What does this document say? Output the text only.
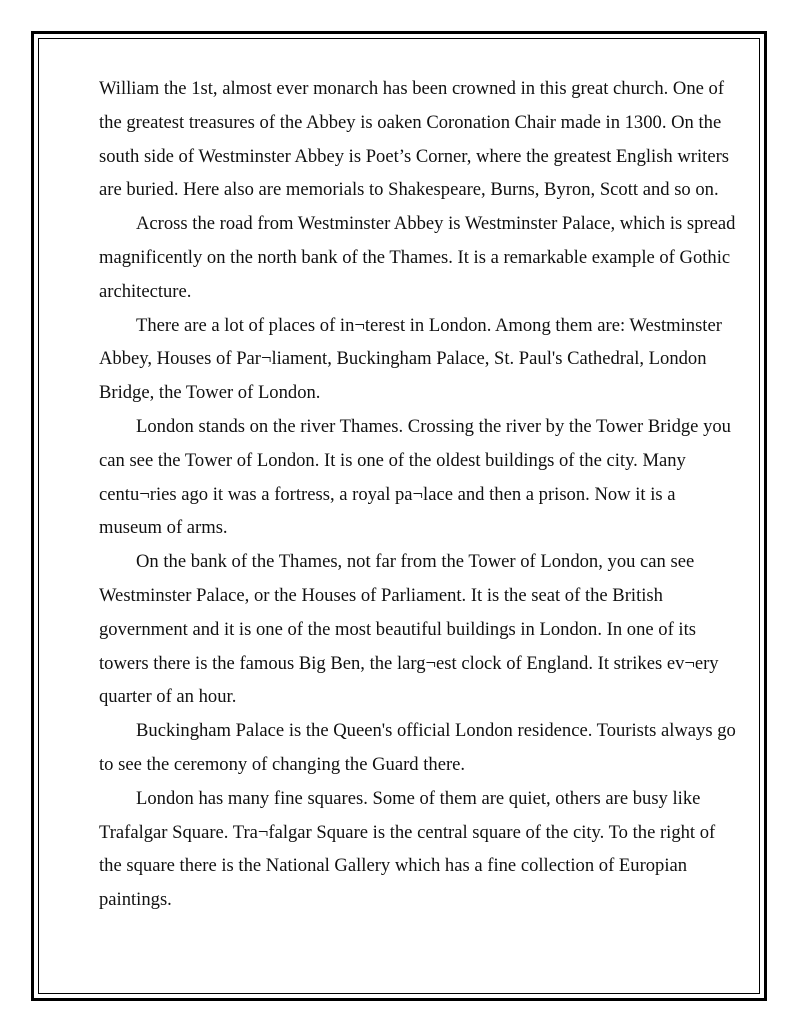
William the 1st, almost ever monarch has been crowned in this great church. One of the greatest treasures of the Abbey is oaken Coronation Chair made in 1300. On the south side of Westminster Abbey is Poet’s Corner, where the greatest English writers are buried. Here also are memorials to Shakespeare, Burns, Byron, Scott and so on.

Across the road from Westminster Abbey is Westminster Palace, which is spread magnificently on the north bank of the Thames. It is a remarkable example of Gothic architecture.

There are a lot of places of in¬terest in London. Among them are: Westminster Abbey, Houses of Par¬liament, Buckingham Palace, St. Paul's Cathedral, London Bridge, the Tower of London.

London stands on the river Thames. Crossing the river by the Tower Bridge you can see the Tower of London. It is one of the oldest buildings of the city. Many centu¬ries ago it was a fortress, a royal pa¬lace and then a prison. Now it is a museum of arms.

On the bank of the Thames, not far from the Tower of London, you can see Westminster Palace, or the Houses of Parliament. It is the seat of the British government and it is one of the most beautiful buildings in London. In one of its towers there is the famous Big Ben, the larg¬est clock of England. It strikes ev¬ery quarter of an hour.

Buckingham Palace is the Queen's official London residence. Tourists always go to see the ceremony of changing the Guard there.

London has many fine squares. Some of them are quiet, others are busy like Trafalgar Square. Tra¬falgar Square is the central square of the city. To the right of the square there is the National Gallery which has a fine collection of Europian paintings.
